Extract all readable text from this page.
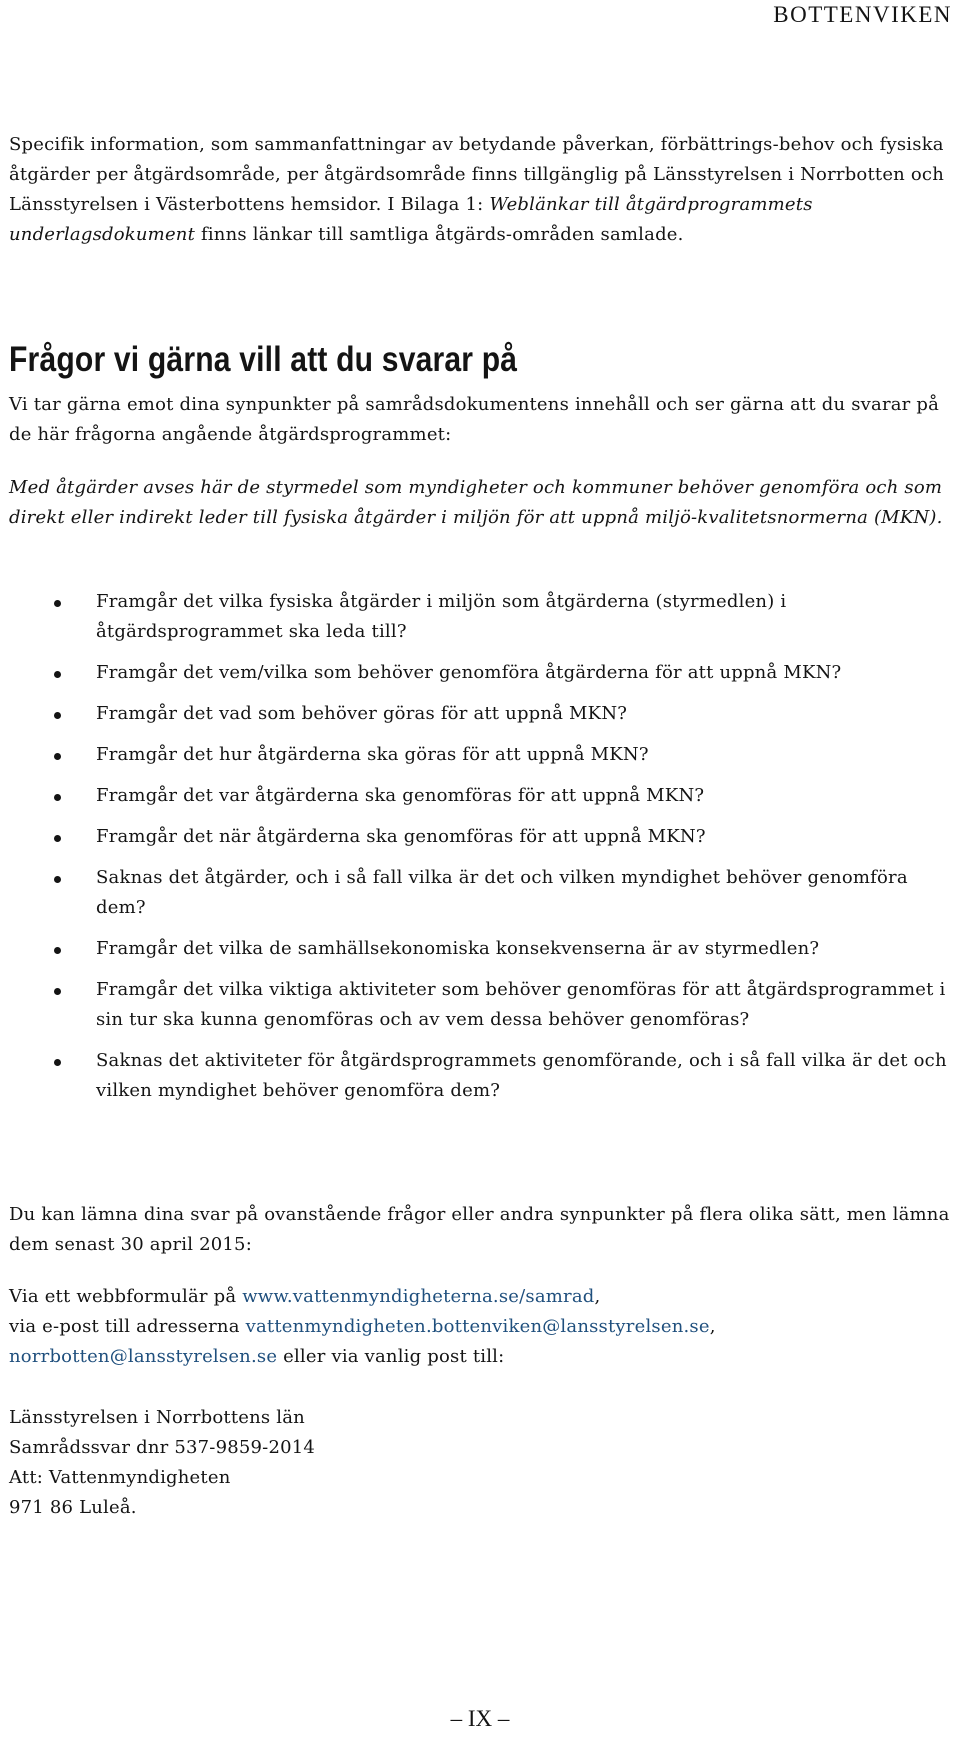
BOTTENVIKEN

Specifik information, som sammanfattningar av betydande påverkan, förbättrings-behov och fysiska åtgärder per åtgärdsområde, per åtgärdsområde finns tillgänglig på Länsstyrelsen i Norrbotten och Länsstyrelsen i Västerbottens hemsidor. I Bilaga 1: Weblänkar till åtgärdprogrammets underlagsdokument finns länkar till samtliga åtgärds-områden samlade.

Frågor vi gärna vill att du svarar på

Vi tar gärna emot dina synpunkter på samrådsdokumentens innehåll och ser gärna att du svarar på de här frågorna angående åtgärdsprogrammet:

Med åtgärder avses här de styrmedel som myndigheter och kommuner behöver genomföra och som direkt eller indirekt leder till fysiska åtgärder i miljön för att uppnå miljö-kvalitetsnormerna (MKN).

Framgår det vilka fysiska åtgärder i miljön som åtgärderna (styrmedlen) i åtgärdsprogrammet ska leda till?
Framgår det vem/vilka som behöver genomföra åtgärderna för att uppnå MKN?
Framgår det vad som behöver göras för att uppnå MKN?
Framgår det hur åtgärderna ska göras för att uppnå MKN?
Framgår det var åtgärderna ska genomföras för att uppnå MKN?
Framgår det när åtgärderna ska genomföras för att uppnå MKN?
Saknas det åtgärder, och i så fall vilka är det och vilken myndighet behöver genomföra dem?
Framgår det vilka de samhällsekonomiska konsekvenserna är av styrmedlen?
Framgår det vilka viktiga aktiviteter som behöver genomföras för att åtgärdsprogrammet i sin tur ska kunna genomföras och av vem dessa behöver genomföras?
Saknas det aktiviteter för åtgärdsprogrammets genomförande, och i så fall vilka är det och vilken myndighet behöver genomföra dem?

Du kan lämna dina svar på ovanstående frågor eller andra synpunkter på flera olika sätt, men lämna dem senast 30 april 2015:

Via ett webbformulär på www.vattenmyndigheterna.se/samrad,
via e-post till adresserna vattenmyndigheten.bottenviken@lansstyrelsen.se,
norrbotten@lansstyrelsen.se eller via vanlig post till:

Länsstyrelsen i Norrbottens län
Samrådssvar dnr 537-9859-2014
Att: Vattenmyndigheten
971 86 Luleå.

– IX –
